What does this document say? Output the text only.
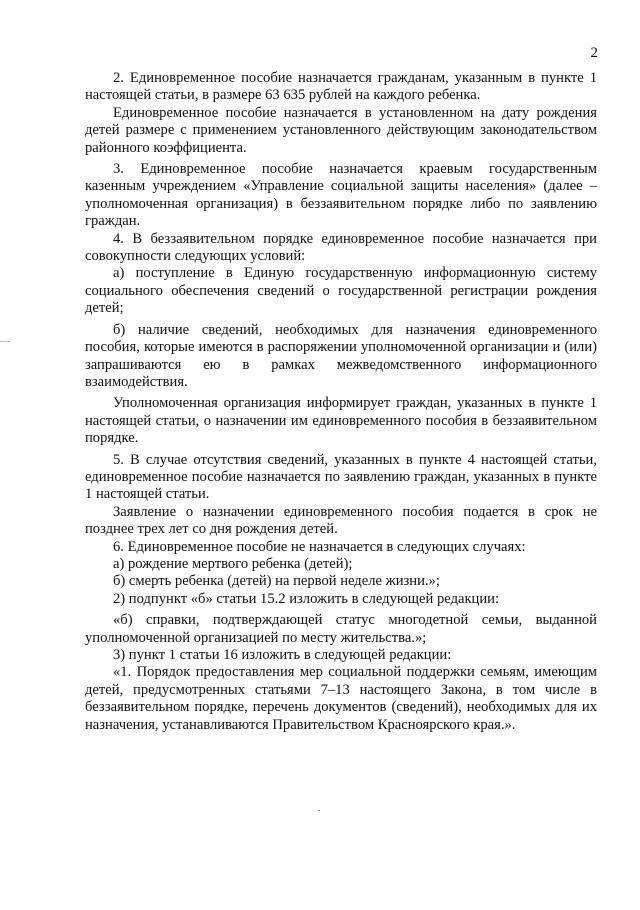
2

2. Единовременное пособие назначается гражданам, указанным в пункте 1 настоящей статьи, в размере 63 635 рублей на каждого ребенка.

Единовременное пособие назначается в установленном на дату рождения детей размере с применением установленного действующим законодательством районного коэффициента.

3. Единовременное пособие назначается краевым государственным казенным учреждением «Управление социальной защиты населения» (далее – уполномоченная организация) в беззаявительном порядке либо по заявлению граждан.

4. В беззаявительном порядке единовременное пособие назначается при совокупности следующих условий:

а) поступление в Единую государственную информационную систему социального обеспечения сведений о государственной регистрации рождения детей;

б) наличие сведений, необходимых для назначения единовременного пособия, которые имеются в распоряжении уполномоченной организации и (или) запрашиваются ею в рамках межведомственного информационного взаимодействия.

Уполномоченная организация информирует граждан, указанных в пункте 1 настоящей статьи, о назначении им единовременного пособия в беззаявительном порядке.

5. В случае отсутствия сведений, указанных в пункте 4 настоящей статьи, единовременное пособие назначается по заявлению граждан, указанных в пункте 1 настоящей статьи.

Заявление о назначении единовременного пособия подается в срок не позднее трех лет со дня рождения детей.

6. Единовременное пособие не назначается в следующих случаях:

а) рождение мертвого ребенка (детей);

б) смерть ребенка (детей) на первой неделе жизни.»;

2) подпункт «б» статьи 15.2 изложить в следующей редакции:

«б) справки, подтверждающей статус многодетной семьи, выданной уполномоченной организацией по месту жительства.»;

3) пункт 1 статьи 16 изложить в следующей редакции:

«1. Порядок предоставления мер социальной поддержки семьям, имеющим детей, предусмотренных статьями 7–13 настоящего Закона, в том числе в беззаявительном порядке, перечень документов (сведений), необходимых для их назначения, устанавливаются Правительством Красноярского края.».
